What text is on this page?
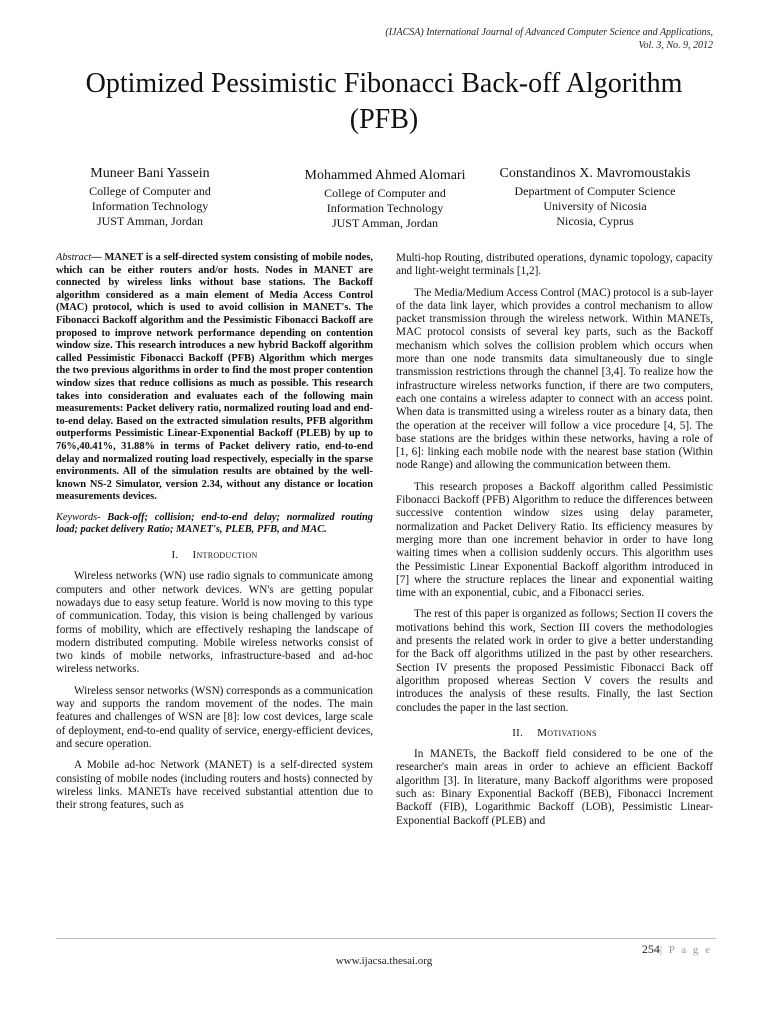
(IJACSA) International Journal of Advanced Computer Science and Applications,
Vol. 3, No. 9, 2012
Optimized Pessimistic Fibonacci Back-off Algorithm (PFB)
Muneer Bani Yassein
College of Computer and
Information Technology
JUST Amman, Jordan
Mohammed Ahmed Alomari
College of Computer and
Information Technology
JUST Amman, Jordan
Constandinos X. Mavromoustakis
Department of Computer Science
University of Nicosia
Nicosia, Cyprus

Abstract— MANET is a self-directed system consisting of mobile nodes, which can be either routers and/or hosts. Nodes in MANET are connected by wireless links without base stations. The Backoff algorithm considered as a main element of Media Access Control (MAC) protocol, which is used to avoid collision in MANET's. The Fibonacci Backoff algorithm and the Pessimistic Fibonacci Backoff are proposed to improve network performance depending on contention window size. This research introduces a new hybrid Backoff algorithm called Pessimistic Fibonacci Backoff (PFB) Algorithm which merges the two previous algorithms in order to find the most proper contention window sizes that reduce collisions as much as possible. This research takes into consideration and evaluates each of the following main measurements: Packet delivery ratio, normalized routing load and end-to-end delay. Based on the extracted simulation results, PFB algorithm outperforms Pessimistic Linear-Exponential Backoff (PLEB) by up to 76%,40.41%, 31.88% in terms of Packet delivery ratio, end-to-end delay and normalized routing load respectively, especially in the sparse environments. All of the simulation results are obtained by the well-known NS-2 Simulator, version 2.34, without any distance or location measurements devices.

Keywords- Back-off; collision; end-to-end delay; normalized routing load; packet delivery Ratio; MANET's, PLEB, PFB, and MAC.

I. Introduction

Wireless networks (WN) use radio signals to communicate among computers and other network devices. WN's are getting popular nowadays due to easy setup feature. World is now moving to this type of communication. Today, this vision is being challenged by various forms of mobility, which are effectively reshaping the landscape of modern distributed computing. Mobile wireless networks consist of two kinds of mobile networks, infrastructure-based and ad-hoc wireless networks.

Wireless sensor networks (WSN) corresponds as a communication way and supports the random movement of the nodes. The main features and challenges of WSN are [8]: low cost devices, large scale of deployment, end-to-end quality of service, energy-efficient devices, and secure operation.

A Mobile ad-hoc Network (MANET) is a self-directed system consisting of mobile nodes (including routers and hosts) connected by wireless links. MANETs have received substantial attention due to their strong features, such as

Multi-hop Routing, distributed operations, dynamic topology, capacity and light-weight terminals [1,2].

The Media/Medium Access Control (MAC) protocol is a sub-layer of the data link layer, which provides a control mechanism to allow packet transmission through the wireless network. Within MANETs, MAC protocol consists of several key parts, such as the Backoff mechanism which solves the collision problem which occurs when more than one node transmits data simultaneously due to single transmission restrictions through the channel [3,4]. To realize how the infrastructure wireless networks function, if there are two computers, each one contains a wireless adapter to connect with an access point. When data is transmitted using a wireless router as a binary data, then the operation at the receiver will follow a vice procedure [4, 5]. The base stations are the bridges within these networks, having a role of [1, 6]: linking each mobile node with the nearest base station (Within node Range) and allowing the communication between them.

This research proposes a Backoff algorithm called Pessimistic Fibonacci Backoff (PFB) Algorithm to reduce the differences between successive contention window sizes using delay parameter, normalization and Packet Delivery Ratio. Its efficiency measures by merging more than one increment behavior in order to have long waiting times when a collision suddenly occurs. This algorithm uses the Pessimistic Linear Exponential Backoff algorithm introduced in [7] where the structure replaces the linear and exponential waiting time with an exponential, cubic, and a Fibonacci series.

The rest of this paper is organized as follows; Section II covers the motivations behind this work, Section III covers the methodologies and presents the related work in order to give a better understanding for the Back off algorithms utilized in the past by other researchers. Section IV presents the proposed Pessimistic Fibonacci Back off algorithm proposed whereas Section V covers the results and introduces the analysis of these results. Finally, the last Section concludes the paper in the last section.

II. Motivations

In MANETs, the Backoff field considered to be one of the researcher's main areas in order to achieve an efficient Backoff algorithm [3]. In literature, many Backoff algorithms were proposed such as: Binary Exponential Backoff (BEB), Fibonacci Increment Backoff (FIB), Logarithmic Backoff (LOB), Pessimistic Linear-Exponential Backoff (PLEB) and

254| P a g e
www.ijacsa.thesai.org
